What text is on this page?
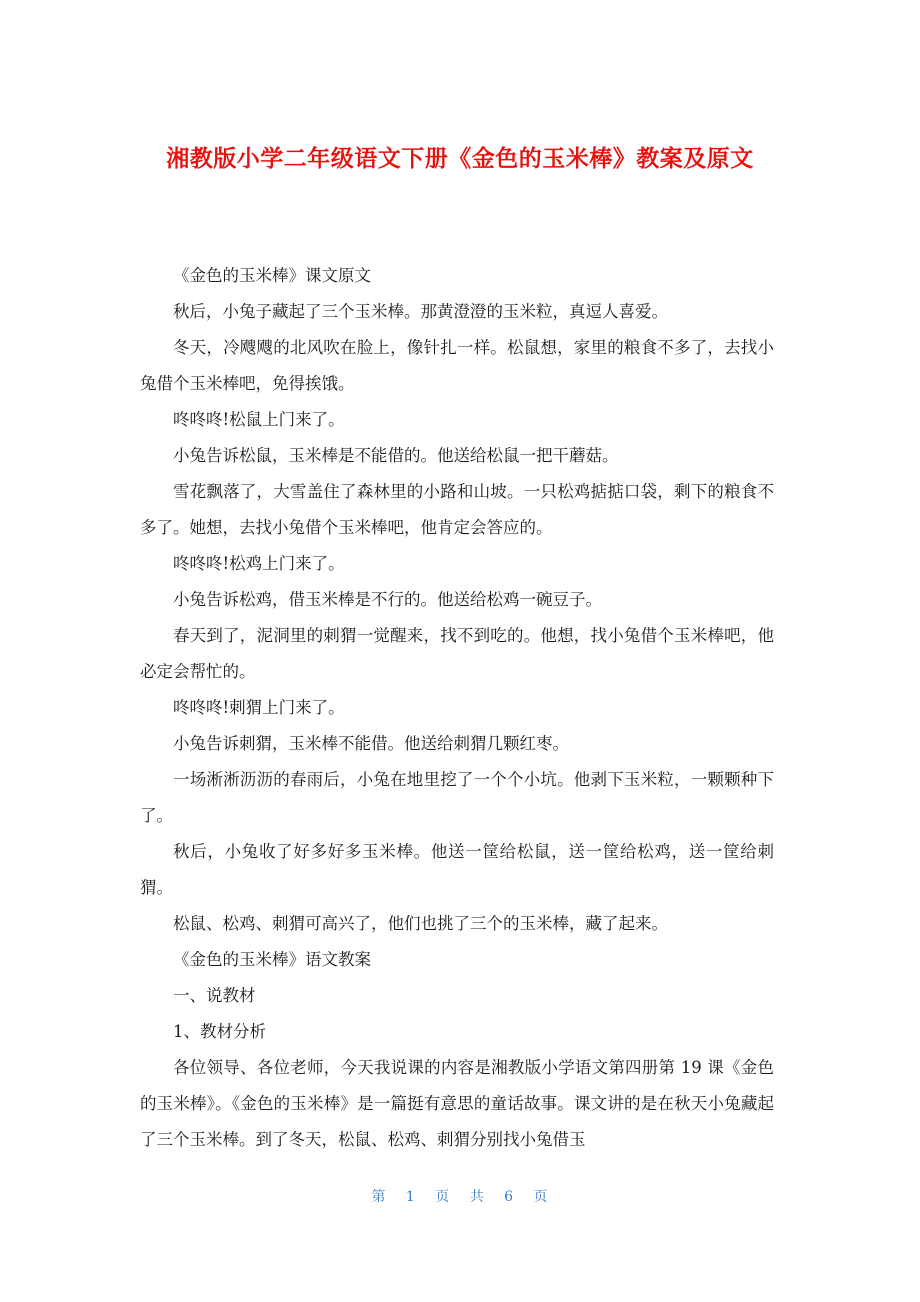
湘教版小学二年级语文下册《金色的玉米棒》教案及原文

《金色的玉米棒》课文原文

秋后，小兔子藏起了三个玉米棒。那黄澄澄的玉米粒，真逗人喜爱。

冬天，冷飕飕的北风吹在脸上，像针扎一样。松鼠想，家里的粮食不多了，去找小兔借个玉米棒吧，免得挨饿。

咚咚咚!松鼠上门来了。

小兔告诉松鼠，玉米棒是不能借的。他送给松鼠一把干蘑菇。

雪花飘落了，大雪盖住了森林里的小路和山坡。一只松鸡掂掂口袋，剩下的粮食不多了。她想，去找小兔借个玉米棒吧，他肯定会答应的。

咚咚咚!松鸡上门来了。

小兔告诉松鸡，借玉米棒是不行的。他送给松鸡一碗豆子。

春天到了，泥洞里的刺猬一觉醒来，找不到吃的。他想，找小兔借个玉米棒吧，他必定会帮忙的。

咚咚咚!刺猬上门来了。

小兔告诉刺猬，玉米棒不能借。他送给刺猬几颗红枣。

一场淅淅沥沥的春雨后，小兔在地里挖了一个个小坑。他剥下玉米粒，一颗颗种下了。

秋后，小兔收了好多好多玉米棒。他送一筐给松鼠，送一筐给松鸡，送一筐给刺猬。

松鼠、松鸡、刺猬可高兴了，他们也挑了三个的玉米棒，藏了起来。

《金色的玉米棒》语文教案

一、说教材

1、教材分析

各位领导、各位老师，今天我说课的内容是湘教版小学语文第四册第 19 课《金色的玉米棒》。《金色的玉米棒》是一篇挺有意思的童话故事。课文讲的是在秋天小兔藏起了三个玉米棒。到了冬天，松鼠、松鸡、刺猬分别找小兔借玉

第 1 页 共 6 页
